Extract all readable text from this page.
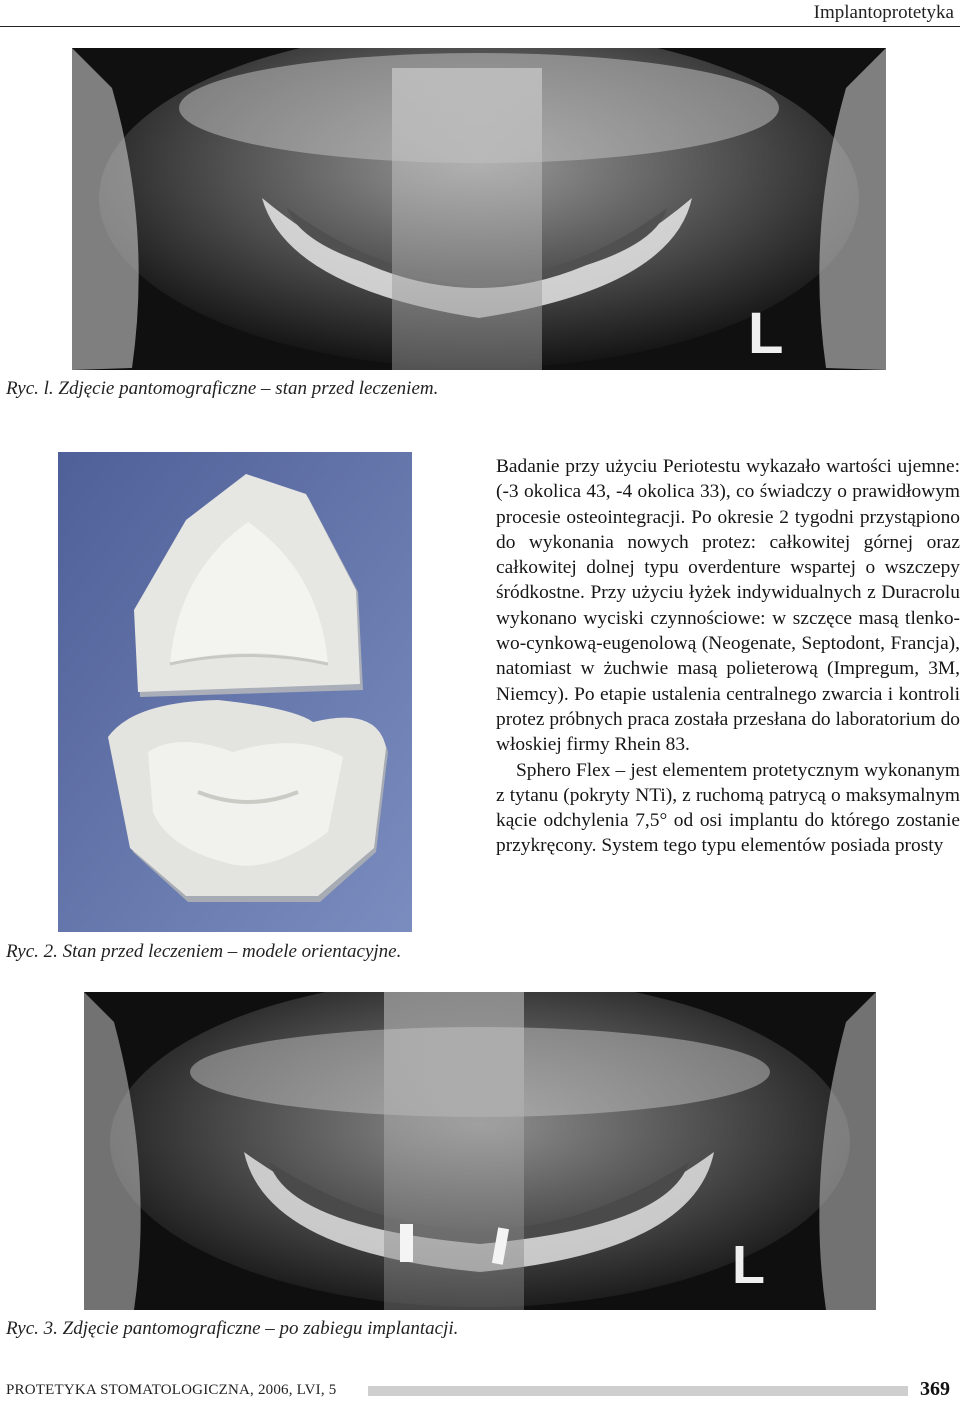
Implantoprotetyka
L
Ryc. l. Zdjęcie pantomograficzne – stan przed leczeniem.
Ryc. 2. Stan przed leczeniem – modele orientacyjne.

Badanie przy użyciu Periotestu wykazało wartości ujemne: (-3 okolica 43, -4 okolica 33), co świadczy o prawidłowym procesie osteointegracji. Po okresie 2 tygodni przystąpiono do wykonania nowych protez: całkowitej górnej oraz całkowitej dolnej typu overdenture wspartej o wszczepy śródkostne. Przy użyciu łyżek indywidualnych z Duracrolu wykonano wyciski czynnościowe: w szczęce masą tlenkowo-cynkową-eugenolową (Neogenate, Septodont, Francja), natomiast w żuchwie masą polieterową (Impregum, 3M, Niemcy). Po etapie ustalenia centralnego zwarcia i kontroli protez próbnych praca została przesłana do laboratorium do włoskiej firmy Rhein 83.

Sphero Flex – jest elementem protetycznym wykonanym z tytanu (pokryty NTi), z ruchomą patrycą o maksymalnym kącie odchylenia 7,5° od osi implantu do którego zostanie przykręcony. System tego typu elementów posiada prosty

L
Ryc. 3. Zdjęcie pantomograficzne – po zabiegu implantacji.
PROTETYKA STOMATOLOGICZNA, 2006, LVI, 5	369
